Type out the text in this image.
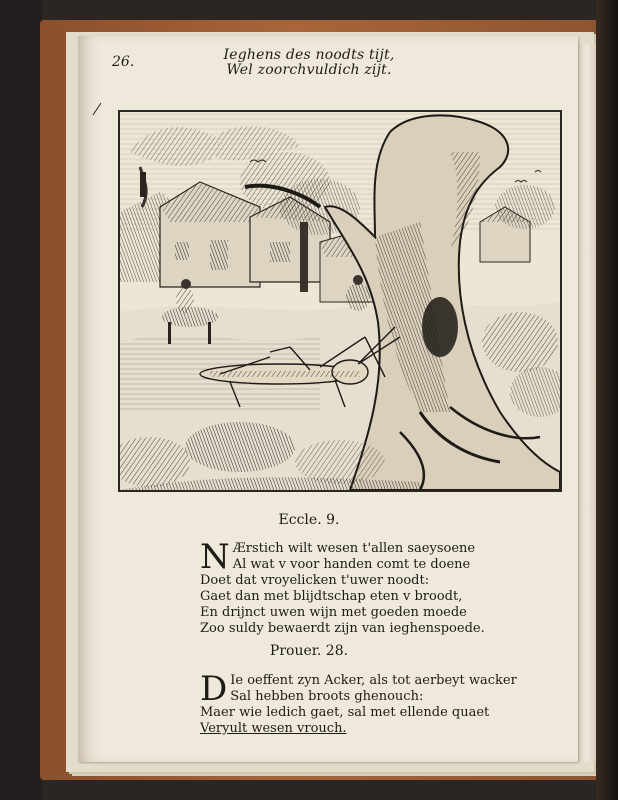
26.	Ieghens des noodts tijt,
Wel zoorchvuldich zijt.
Eccle. 9.
N Ærstich wilt wesen t'allen saeysoene
Al wat v voor handen comt te doene
Doet dat vroyelicken t'uwer noodt:
Gaet dan met blijdtschap eten v broodt,
En drijnct uwen wijn met goeden moede
Zoo suldy bewaerdt zijn van ieghenspoede.
Prouer. 28.
D Ie oeffent zyn Acker, als tot aerbeyt wacker
Sal hebben broots ghenouch:
Maer wie ledich gaet, sal met ellende quaet
Veryult wesen vrouch.
